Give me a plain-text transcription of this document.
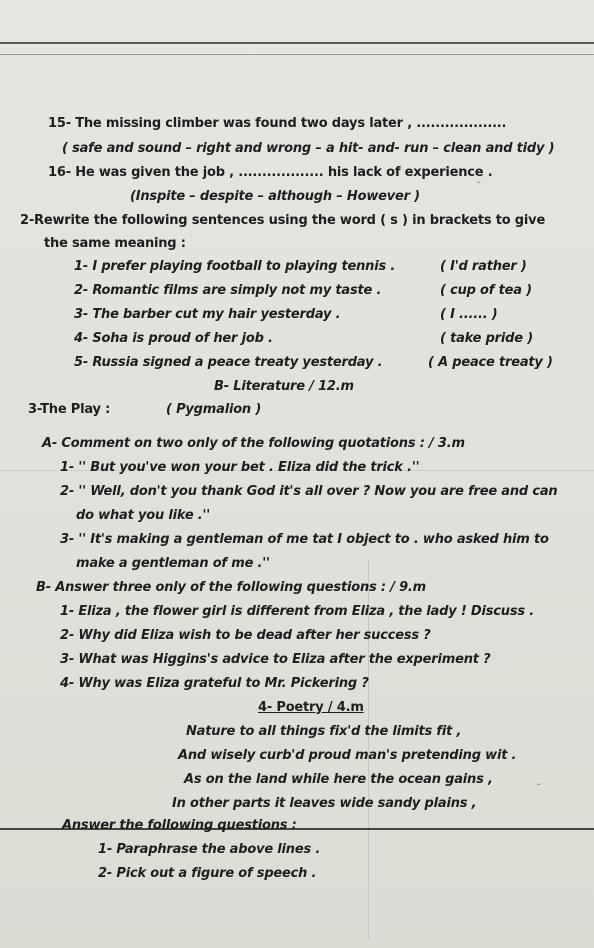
˘
˘
15- The missing climber was found two days later , ...................
( safe and sound – right and wrong – a hit- and- run – clean and tidy )
16- He was given the job , .................. his lack of experience .
(Inspite – despite – although – However )
2-Rewrite the following sentences using the word ( s ) in brackets to give
the same meaning :
1- I prefer playing football to playing tennis .	( I'd rather )
2- Romantic films are simply not my taste .	( cup of tea )
3- The barber cut my hair yesterday .	( I ...... )
4- Soha is proud of her job .	( take pride )
5- Russia signed a peace treaty yesterday .	( A peace treaty )
B- Literature / 12.m
3-The Play :	( Pygmalion )
A- Comment on two only of the following quotations : / 3.m
1- '' But you've won your bet . Eliza did the trick .''
2- '' Well, don't you thank God it's all over ? Now you are free and can
do what you like .''
3- '' It's making a gentleman of me tat I object to . who asked him to
make a gentleman of me .''
B- Answer three only of the following questions : / 9.m
1- Eliza , the flower girl is different from Eliza , the lady ! Discuss .
2- Why did Eliza wish to be dead after her success ?
3- What was Higgins's advice to Eliza after the experiment ?
4- Why was Eliza grateful to Mr. Pickering ?
4- Poetry / 4.m
Nature to all things fix'd the limits fit ,
And wisely curb'd proud man's pretending wit .
As on the land while here the ocean gains ,
In other parts it leaves wide sandy plains ,
Answer the following questions :
1- Paraphrase the above lines .
2- Pick out a figure of speech .
